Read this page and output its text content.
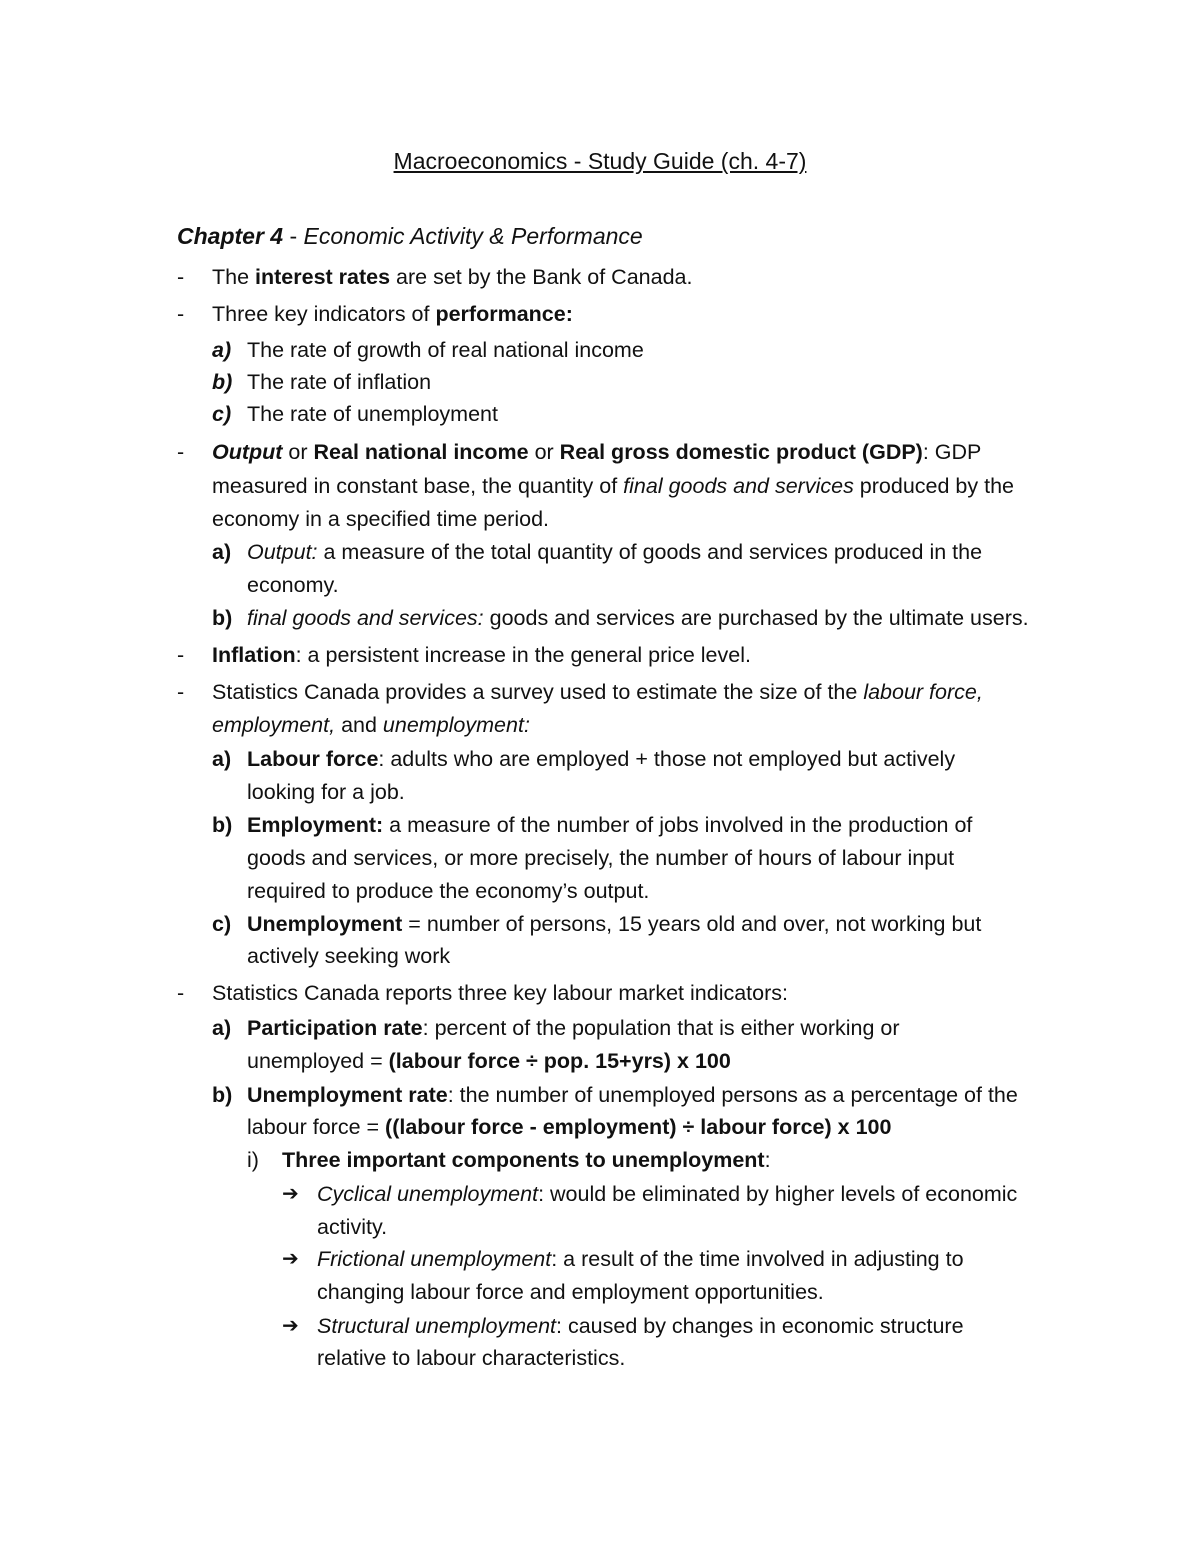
Macroeconomics - Study Guide (ch. 4-7)
Chapter 4 - Economic Activity & Performance
- The interest rates are set by the Bank of Canada.
- Three key indicators of performance:
a) The rate of growth of real national income
b) The rate of inflation
c) The rate of unemployment
- Output or Real national income or Real gross domestic product (GDP): GDP
measured in constant base, the quantity of final goods and services produced by the
economy in a specified time period.
a) Output: a measure of the total quantity of goods and services produced in the
economy.
b) final goods and services: goods and services are purchased by the ultimate users.
- Inflation: a persistent increase in the general price level.
- Statistics Canada provides a survey used to estimate the size of the labour force,
employment, and unemployment:
a) Labour force: adults who are employed + those not employed but actively
looking for a job.
b) Employment: a measure of the number of jobs involved in the production of
goods and services, or more precisely, the number of hours of labour input
required to produce the economy’s output.
c) Unemployment = number of persons, 15 years old and over, not working but
actively seeking work
- Statistics Canada reports three key labour market indicators:
a) Participation rate: percent of the population that is either working or
unemployed = (labour force ÷ pop. 15+yrs) x 100
b) Unemployment rate: the number of unemployed persons as a percentage of the
labour force = ((labour force - employment) ÷ labour force) x 100
i) Three important components to unemployment:
➔ Cyclical unemployment: would be eliminated by higher levels of economic
activity.
➔ Frictional unemployment: a result of the time involved in adjusting to
changing labour force and employment opportunities.
➔ Structural unemployment: caused by changes in economic structure
relative to labour characteristics.
